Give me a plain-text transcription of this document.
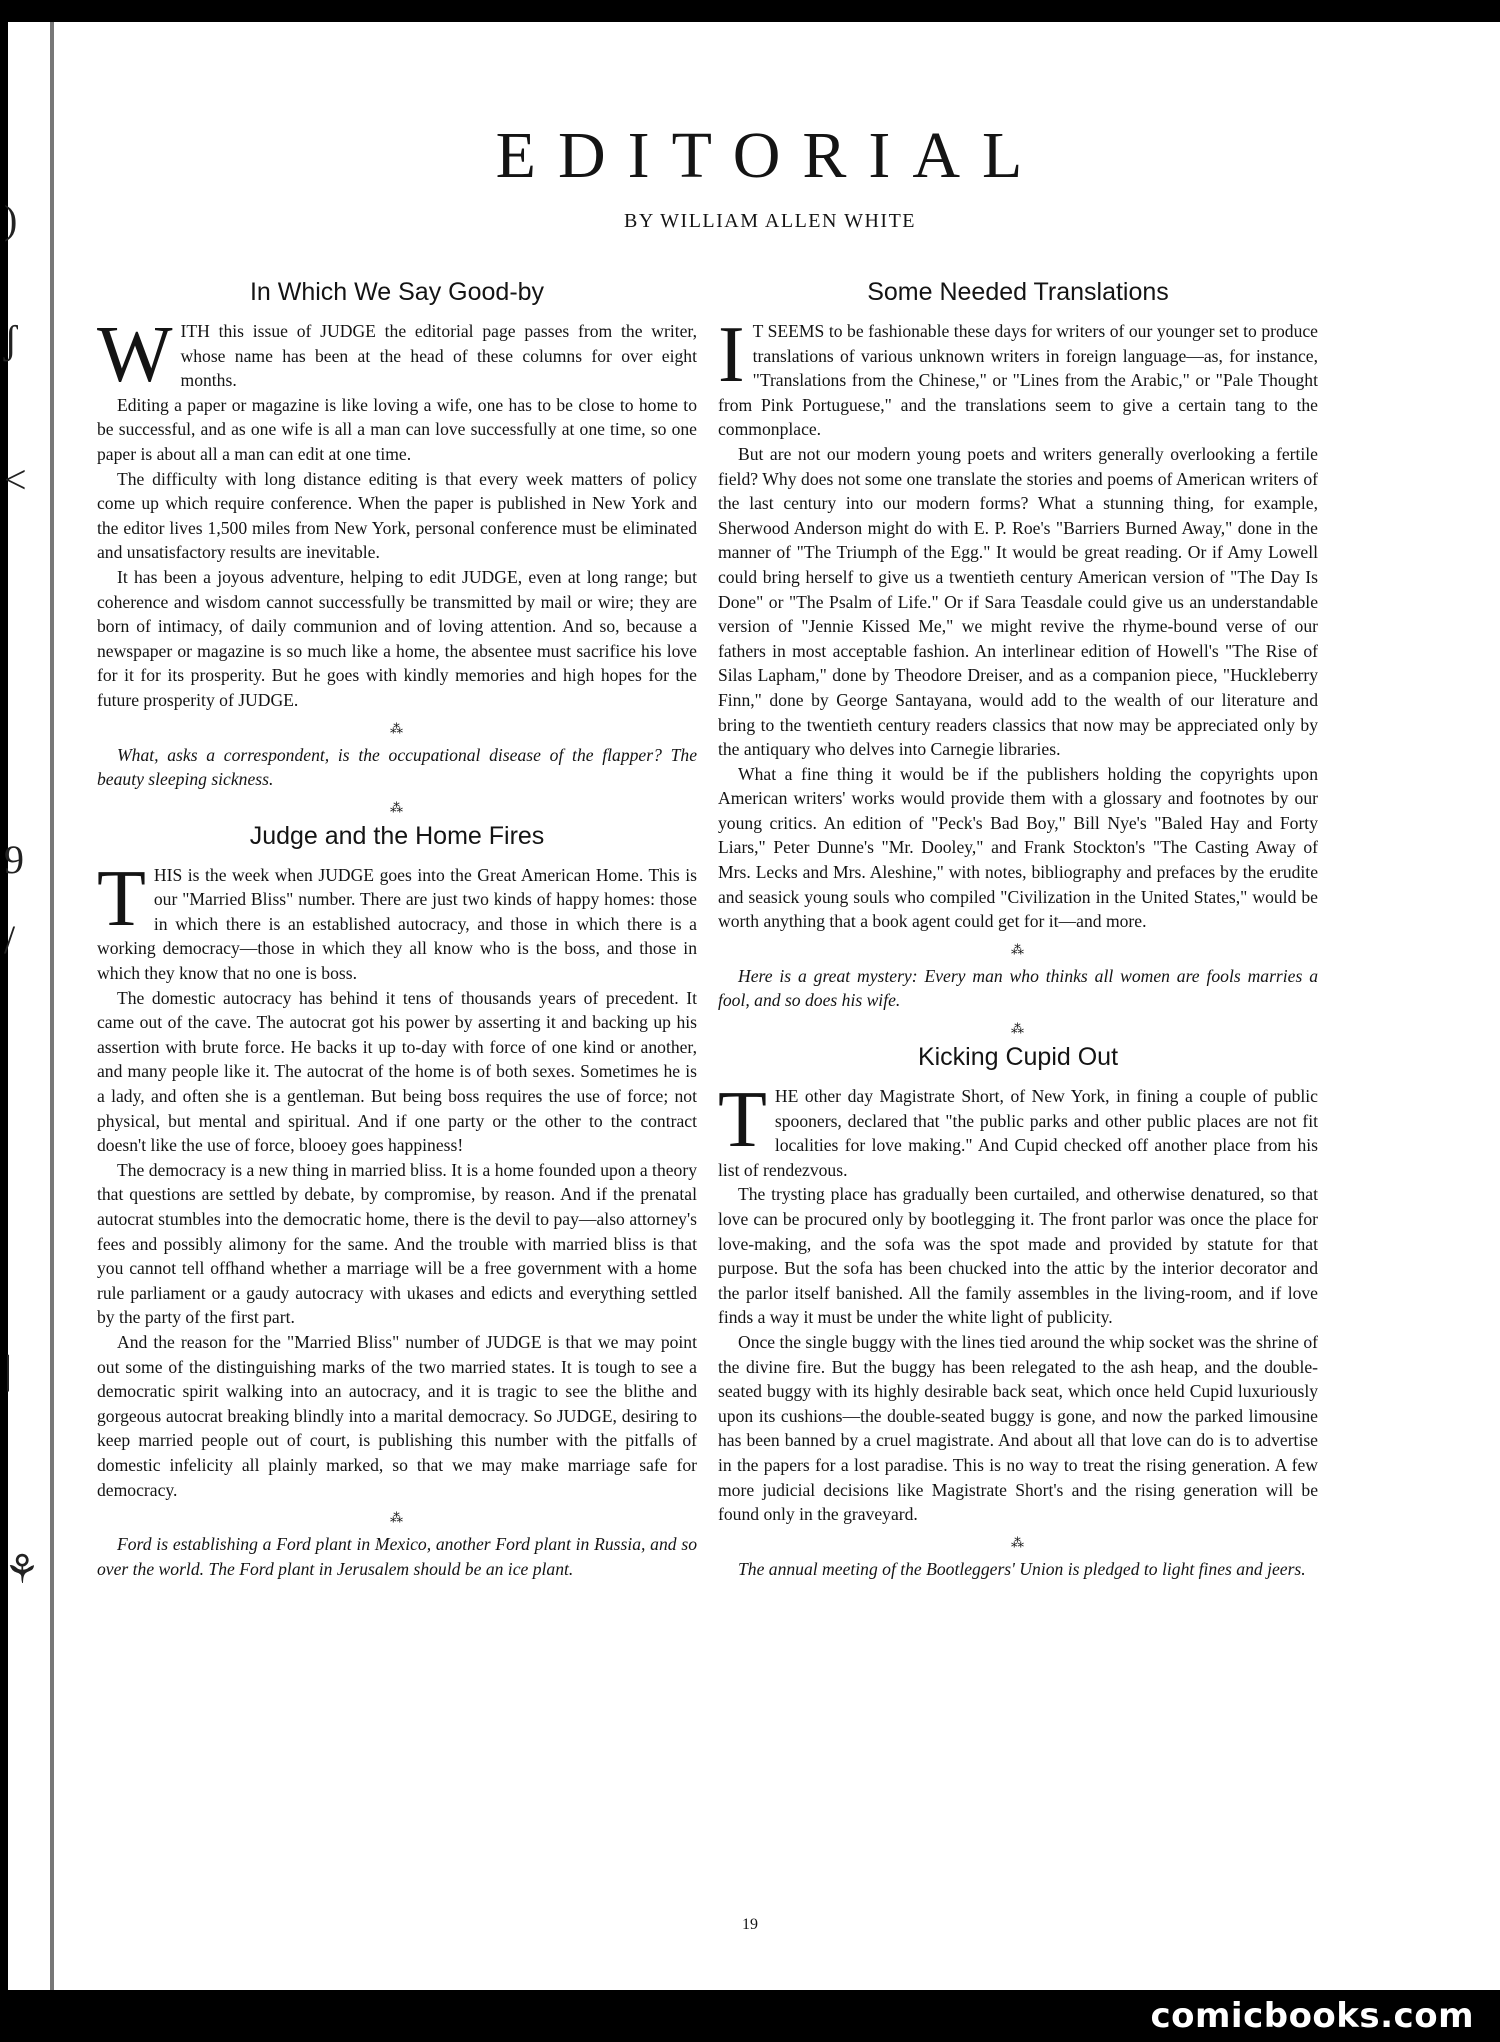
)
ʃ
<
9
/
|
⚘
EDITORIAL

BY WILLIAM ALLEN WHITE

In Which We Say Good-by

WITH this issue of JUDGE the editorial page passes from the writer, whose name has been at the head of these columns for over eight months.

Editing a paper or magazine is like loving a wife, one has to be close to home to be successful, and as one wife is all a man can love successfully at one time, so one paper is about all a man can edit at one time.

The difficulty with long distance editing is that every week matters of policy come up which require conference. When the paper is published in New York and the editor lives 1,500 miles from New York, personal conference must be eliminated and unsatisfactory results are inevitable.

It has been a joyous adventure, helping to edit JUDGE, even at long range; but coherence and wisdom cannot successfully be transmitted by mail or wire; they are born of intimacy, of daily communion and of loving attention. And so, because a newspaper or magazine is so much like a home, the absentee must sacrifice his love for it for its prosperity. But he goes with kindly memories and high hopes for the future prosperity of JUDGE.

⁂

What, asks a correspondent, is the occupational disease of the flapper? The beauty sleeping sickness.

⁂
Judge and the Home Fires

THIS is the week when JUDGE goes into the Great American Home. This is our "Married Bliss" number. There are just two kinds of happy homes: those in which there is an established autocracy, and those in which there is a working democracy—those in which they all know who is the boss, and those in which they know that no one is boss.

The domestic autocracy has behind it tens of thousands years of precedent. It came out of the cave. The autocrat got his power by asserting it and backing up his assertion with brute force. He backs it up to-day with force of one kind or another, and many people like it. The autocrat of the home is of both sexes. Sometimes he is a lady, and often she is a gentleman. But being boss requires the use of force; not physical, but mental and spiritual. And if one party or the other to the contract doesn't like the use of force, blooey goes happiness!

The democracy is a new thing in married bliss. It is a home founded upon a theory that questions are settled by debate, by compromise, by reason. And if the prenatal autocrat stumbles into the democratic home, there is the devil to pay—also attorney's fees and possibly alimony for the same. And the trouble with married bliss is that you cannot tell offhand whether a marriage will be a free government with a home rule parliament or a gaudy autocracy with ukases and edicts and everything settled by the party of the first part.

And the reason for the "Married Bliss" number of JUDGE is that we may point out some of the distinguishing marks of the two married states. It is tough to see a democratic spirit walking into an autocracy, and it is tragic to see the blithe and gorgeous autocrat breaking blindly into a marital democracy. So JUDGE, desiring to keep married people out of court, is publishing this number with the pitfalls of domestic infelicity all plainly marked, so that we may make marriage safe for democracy.

⁂

Ford is establishing a Ford plant in Mexico, another Ford plant in Russia, and so over the world. The Ford plant in Jerusalem should be an ice plant.

Some Needed Translations

I T SEEMS to be fashionable these days for writers of our younger set to produce translations of various unknown writers in foreign language—as, for instance, "Translations from the Chinese," or "Lines from the Arabic," or "Pale Thought from Pink Portuguese," and the translations seem to give a certain tang to the commonplace.

But are not our modern young poets and writers generally overlooking a fertile field? Why does not some one translate the stories and poems of American writers of the last century into our modern forms? What a stunning thing, for example, Sherwood Anderson might do with E. P. Roe's "Barriers Burned Away," done in the manner of "The Triumph of the Egg." It would be great reading. Or if Amy Lowell could bring herself to give us a twentieth century American version of "The Day Is Done" or "The Psalm of Life." Or if Sara Teasdale could give us an understandable version of "Jennie Kissed Me," we might revive the rhyme-bound verse of our fathers in most acceptable fashion. An interlinear edition of Howell's "The Rise of Silas Lapham," done by Theodore Dreiser, and as a companion piece, "Huckleberry Finn," done by George Santayana, would add to the wealth of our literature and bring to the twentieth century readers classics that now may be appreciated only by the antiquary who delves into Carnegie libraries.

What a fine thing it would be if the publishers holding the copyrights upon American writers' works would provide them with a glossary and footnotes by our young critics. An edition of "Peck's Bad Boy," Bill Nye's "Baled Hay and Forty Liars," Peter Dunne's "Mr. Dooley," and Frank Stockton's "The Casting Away of Mrs. Lecks and Mrs. Aleshine," with notes, bibliography and prefaces by the erudite and seasick young souls who compiled "Civilization in the United States," would be worth anything that a book agent could get for it—and more.

⁂

Here is a great mystery: Every man who thinks all women are fools marries a fool, and so does his wife.

⁂
Kicking Cupid Out

THE other day Magistrate Short, of New York, in fining a couple of public spooners, declared that "the public parks and other public places are not fit localities for love making." And Cupid checked off another place from his list of rendezvous.

The trysting place has gradually been curtailed, and otherwise denatured, so that love can be procured only by bootlegging it. The front parlor was once the place for love-making, and the sofa was the spot made and provided by statute for that purpose. But the sofa has been chucked into the attic by the interior decorator and the parlor itself banished. All the family assembles in the living-room, and if love finds a way it must be under the white light of publicity.

Once the single buggy with the lines tied around the whip socket was the shrine of the divine fire. But the buggy has been relegated to the ash heap, and the double-seated buggy with its highly desirable back seat, which once held Cupid luxuriously upon its cushions—the double-seated buggy is gone, and now the parked limousine has been banned by a cruel magistrate. And about all that love can do is to advertise in the papers for a lost paradise. This is no way to treat the rising generation. A few more judicial decisions like Magistrate Short's and the rising generation will be found only in the graveyard.

⁂

The annual meeting of the Bootleggers' Union is pledged to light fines and jeers.

19
comicbooks.com
